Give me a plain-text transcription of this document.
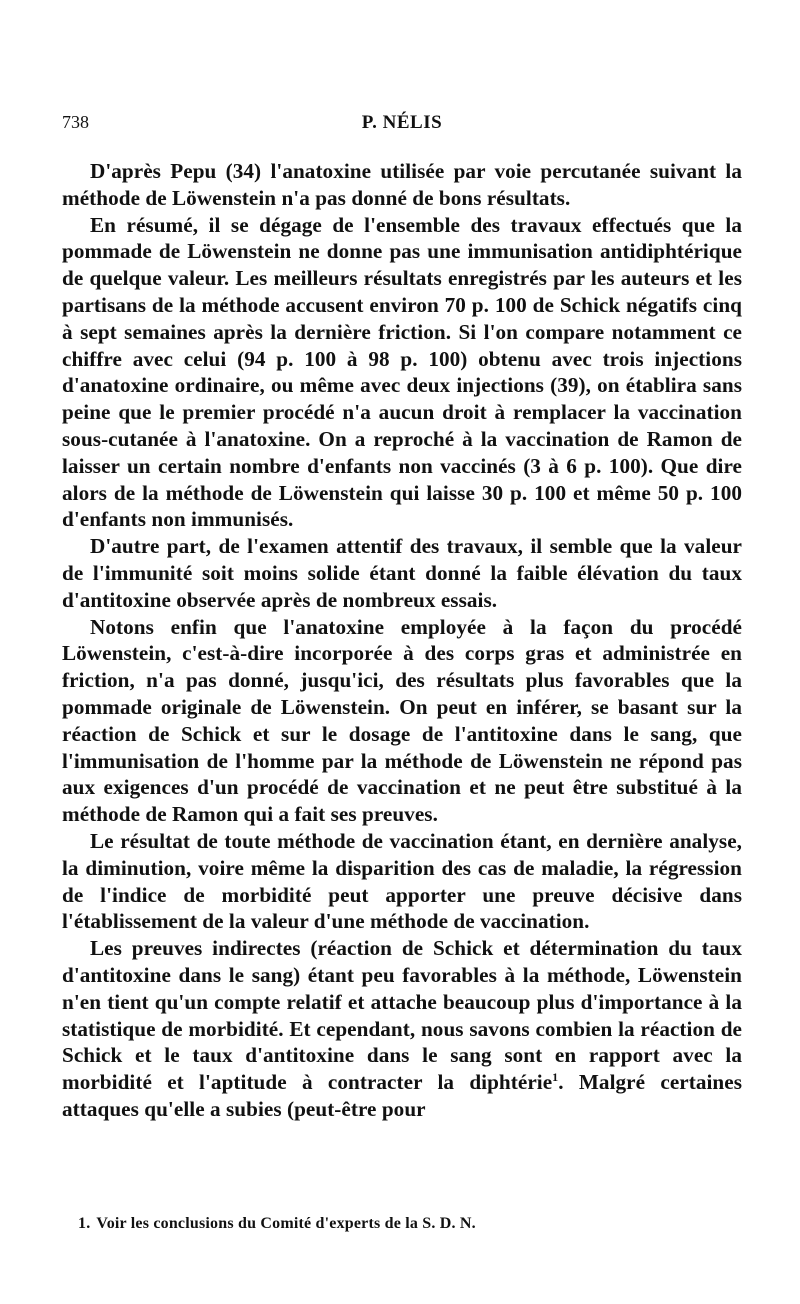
738	P. NÉLIS

D'après Pepu (34) l'anatoxine utilisée par voie percutanée suivant la méthode de Löwenstein n'a pas donné de bons résultats.

En résumé, il se dégage de l'ensemble des travaux effectués que la pommade de Löwenstein ne donne pas une immunisation antidiphtérique de quelque valeur. Les meilleurs résultats enregistrés par les auteurs et les partisans de la méthode accusent environ 70 p. 100 de Schick négatifs cinq à sept semaines après la dernière friction. Si l'on compare notamment ce chiffre avec celui (94 p. 100 à 98 p. 100) obtenu avec trois injections d'anatoxine ordinaire, ou même avec deux injections (39), on établira sans peine que le premier procédé n'a aucun droit à remplacer la vaccination sous-cutanée à l'anatoxine. On a reproché à la vaccination de Ramon de laisser un certain nombre d'enfants non vaccinés (3 à 6 p. 100). Que dire alors de la méthode de Löwenstein qui laisse 30 p. 100 et même 50 p. 100 d'enfants non immunisés.

D'autre part, de l'examen attentif des travaux, il semble que la valeur de l'immunité soit moins solide étant donné la faible élévation du taux d'antitoxine observée après de nombreux essais.

Notons enfin que l'anatoxine employée à la façon du procédé Löwenstein, c'est-à-dire incorporée à des corps gras et administrée en friction, n'a pas donné, jusqu'ici, des résultats plus favorables que la pommade originale de Löwenstein. On peut en inférer, se basant sur la réaction de Schick et sur le dosage de l'antitoxine dans le sang, que l'immunisation de l'homme par la méthode de Löwenstein ne répond pas aux exigences d'un procédé de vaccination et ne peut être substitué à la méthode de Ramon qui a fait ses preuves.

Le résultat de toute méthode de vaccination étant, en dernière analyse, la diminution, voire même la disparition des cas de maladie, la régression de l'indice de morbidité peut apporter une preuve décisive dans l'établissement de la valeur d'une méthode de vaccination.

Les preuves indirectes (réaction de Schick et détermination du taux d'antitoxine dans le sang) étant peu favorables à la méthode, Löwenstein n'en tient qu'un compte relatif et attache beaucoup plus d'importance à la statistique de morbidité. Et cependant, nous savons combien la réaction de Schick et le taux d'antitoxine dans le sang sont en rapport avec la morbidité et l'aptitude à contracter la diphtérie$^1$. Malgré certaines attaques qu'elle a subies (peut-être pour

1. Voir les conclusions du Comité d'experts de la S. D. N.
